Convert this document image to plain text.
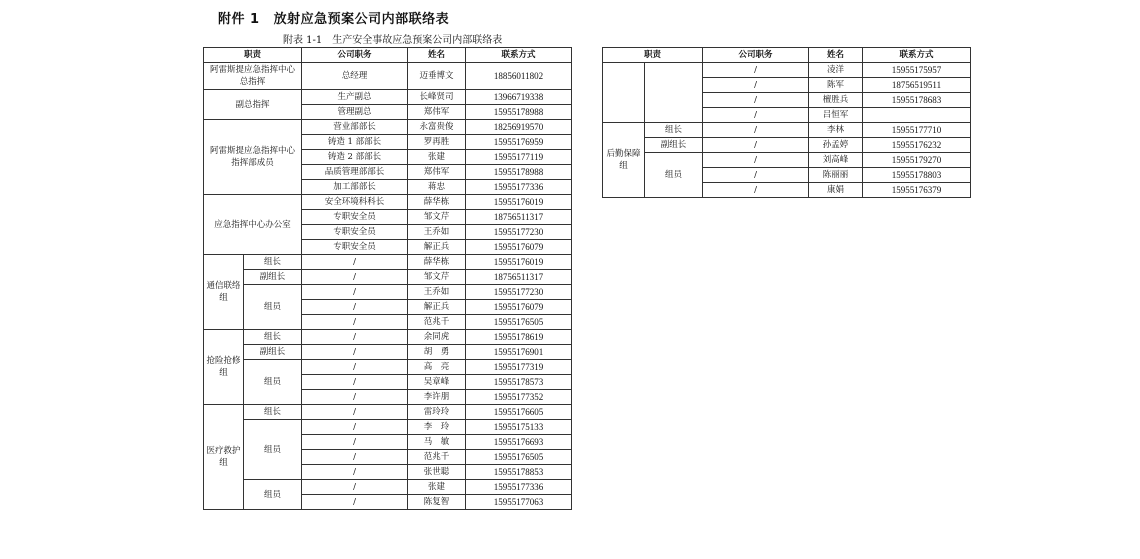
附件 1 放射应急预案公司内部联络表
附表 1-1　生产安全事故应急预案公司内部联络表
职责		公司职务	姓名	联系方式
阿雷斯提应急指挥中心总指挥		总经理	迈垂博文	18856011802
副总指挥		生产副总	长峰贤司	13966719338
		管理副总	郑伟军	15955178988
阿雷斯提应急指挥中心指挥部成员		营业部部长	永富贵俊	18256919570
		铸造 1 部部长	罗再胜	15955176959
		铸造 2 部部长	张建	15955177119
		品质管理部部长	郑伟军	15955178988
		加工部部长	蒋忠	15955177336
应急指挥中心办公室		安全环境科科长	薛华栋	15955176019
		专职安全员	邹文芹	18756511317
		专职安全员	王乔如	15955177230
		专职安全员	解正兵	15955176079
通信联络组	组长	/	薛华栋	15955176019
	副组长	/	邹文芹	18756511317
	组员	/	王乔如	15955177230
		/	解正兵	15955176079
		/	范兆千	15955176505
抢险抢修组	组长	/	余同虎	15955178619
	副组长	/	胡　勇	15955176901
	组员	/	高　亮	15955177319
		/	吴章峰	15955178573
		/	李许朋	15955177352
医疗救护组	组长	/	雷玲玲	15955176605
	组员	/	李　玲	15955175133
		/	马　敏	15955176693
		/	范兆千	15955176505
		/	张世聪	15955178853
	组员	/	张建	15955177336
		/	陈复智	15955177063
职责		公司职务	姓名	联系方式
		/	凌洋	15955175957
		/	陈军	18756519511
		/	檀胜兵	15955178683
		/	吕恒军	
后勤保障组	组长	/	李林	15955177710
	副组长	/	孙孟婷	15955176232
	组员	/	刘高峰	15955179270
		/	陈丽丽	15955178803
		/	康娟	15955176379
